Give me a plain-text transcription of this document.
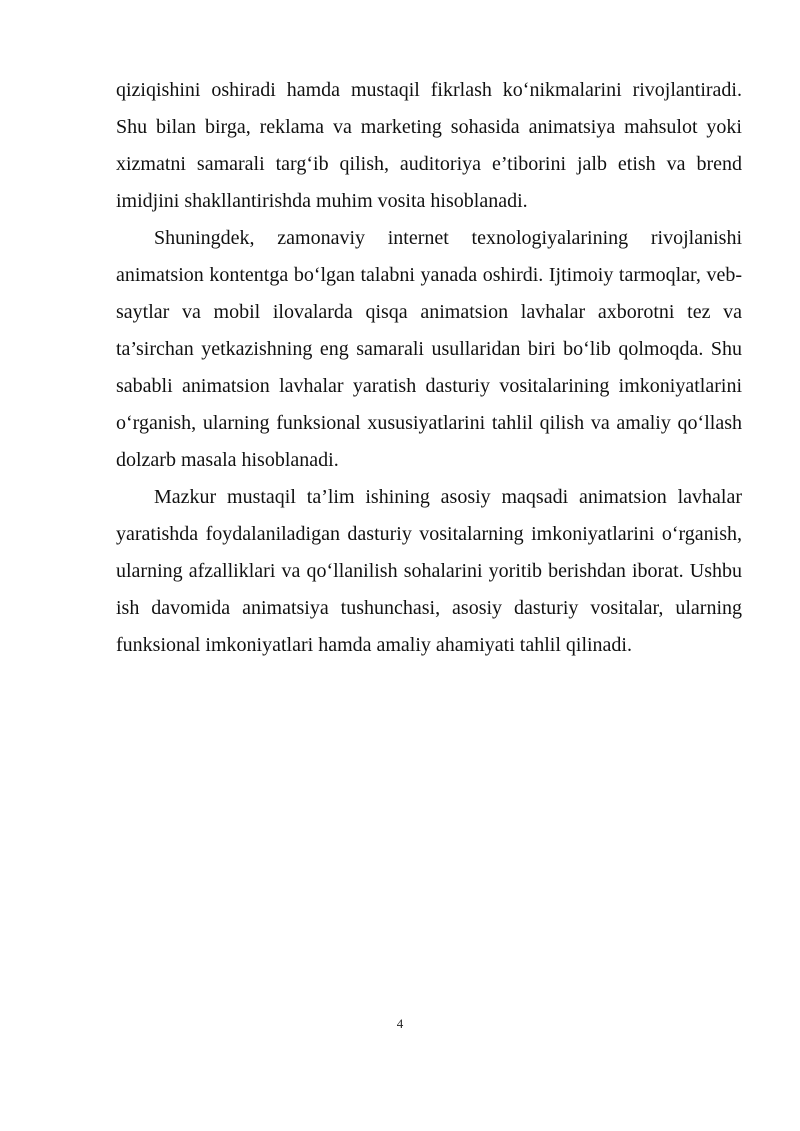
qiziqishini oshiradi hamda mustaqil fikrlash ko‘nikmalarini rivojlantiradi. Shu bilan birga, reklama va marketing sohasida animatsiya mahsulot yoki xizmatni samarali targ‘ib qilish, auditoriya e’tiborini jalb etish va brend imidjini shakllantirishda muhim vosita hisoblanadi.

Shuningdek, zamonaviy internet texnologiyalarining rivojlanishi animatsion kontentga bo‘lgan talabni yanada oshirdi. Ijtimoiy tarmoqlar, veb-saytlar va mobil ilovalarda qisqa animatsion lavhalar axborotni tez va ta’sirchan yetkazishning eng samarali usullaridan biri bo‘lib qolmoqda. Shu sababli animatsion lavhalar yaratish dasturiy vositalarining imkoniyatlarini o‘rganish, ularning funksional xususiyatlarini tahlil qilish va amaliy qo‘llash dolzarb masala hisoblanadi.

Mazkur mustaqil ta’lim ishining asosiy maqsadi animatsion lavhalar yaratishda foydalaniladigan dasturiy vositalarning imkoniyatlarini o‘rganish, ularning afzalliklari va qo‘llanilish sohalarini yoritib berishdan iborat. Ushbu ish davomida animatsiya tushunchasi, asosiy dasturiy vositalar, ularning funksional imkoniyatlari hamda amaliy ahamiyati tahlil qilinadi.

4
